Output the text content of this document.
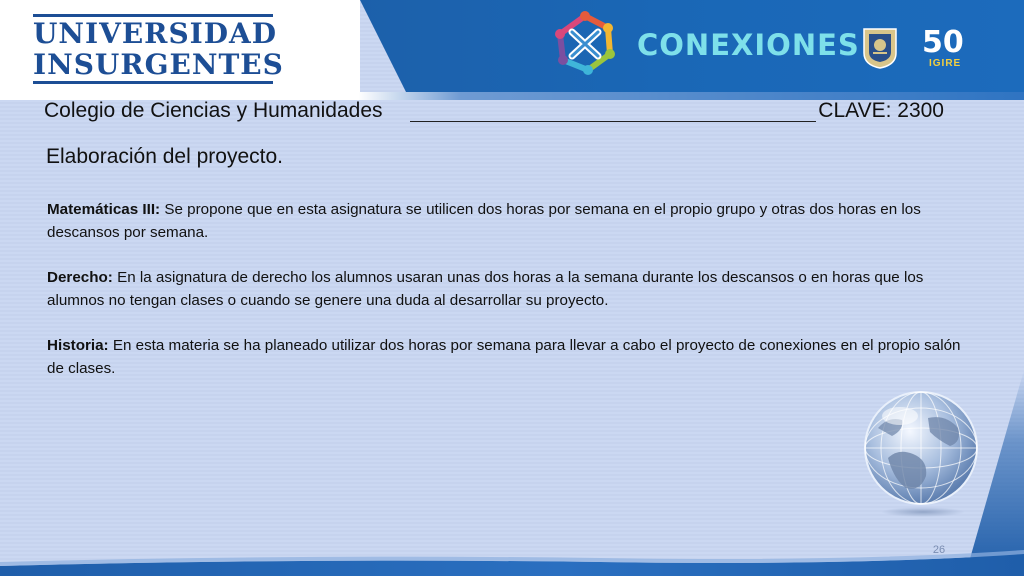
UNIVERSIDAD
INSURGENTES
CONEXIONES 50
IGIRE
Colegio de Ciencias y Humanidades	CLAVE: 2300
Elaboración del proyecto.
Matemáticas III: Se propone que en esta asignatura se utilicen dos horas por semana en el propio grupo y otras dos horas en los descansos por semana.
Derecho: En la asignatura de derecho los alumnos usaran unas dos horas a la semana durante los descansos o en horas que los alumnos no tengan clases o cuando se genere una duda al desarrollar su proyecto.
Historia: En esta materia se ha planeado utilizar dos horas por semana para llevar a cabo el proyecto de conexiones en el propio salón de clases.
26
